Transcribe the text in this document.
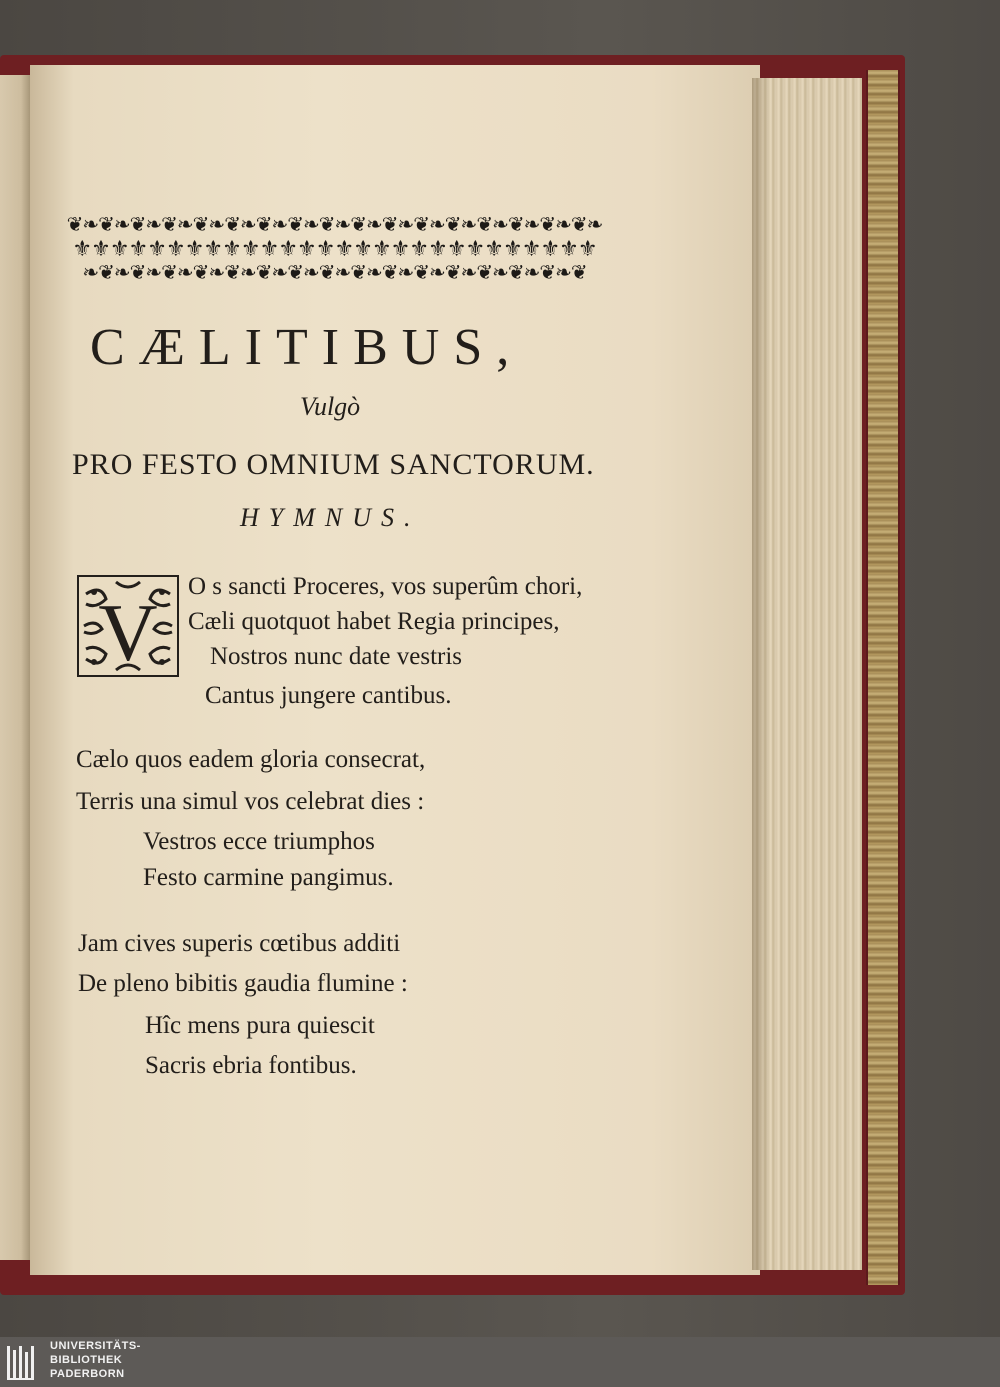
❦❧❦❧❦❧❦❧❦❧❦❧❦❧❦❧❦❧❦❧❦❧❦❧❦❧❦❧❦❧❦❧❦❧
⚜⚜⚜⚜⚜⚜⚜⚜⚜⚜⚜⚜⚜⚜⚜⚜⚜⚜⚜⚜⚜⚜⚜⚜⚜⚜⚜⚜
❧❦❧❦❧❦❧❦❧❦❧❦❧❦❧❦❧❦❧❦❧❦❧❦❧❦❧❦❧❦❧❦
CÆLITIBUS,
Vulgò
PRO FESTO OMNIUM SANCTORUM.
HYMNUS.
V
O s sancti Proceres, vos superûm chori,
Cæli quotquot habet Regia principes,
Nostros nunc date vestris
Cantus jungere cantibus.
Cælo quos eadem gloria consecrat,
Terris una simul vos celebrat dies :
Vestros ecce triumphos
Festo carmine pangimus.
Jam cives superis cœtibus additi
De pleno bibitis gaudia flumine :
Hîc mens pura quiescit
Sacris ebria fontibus.
UNIVERSITÄTS-
BIBLIOTHEK
PADERBORN
